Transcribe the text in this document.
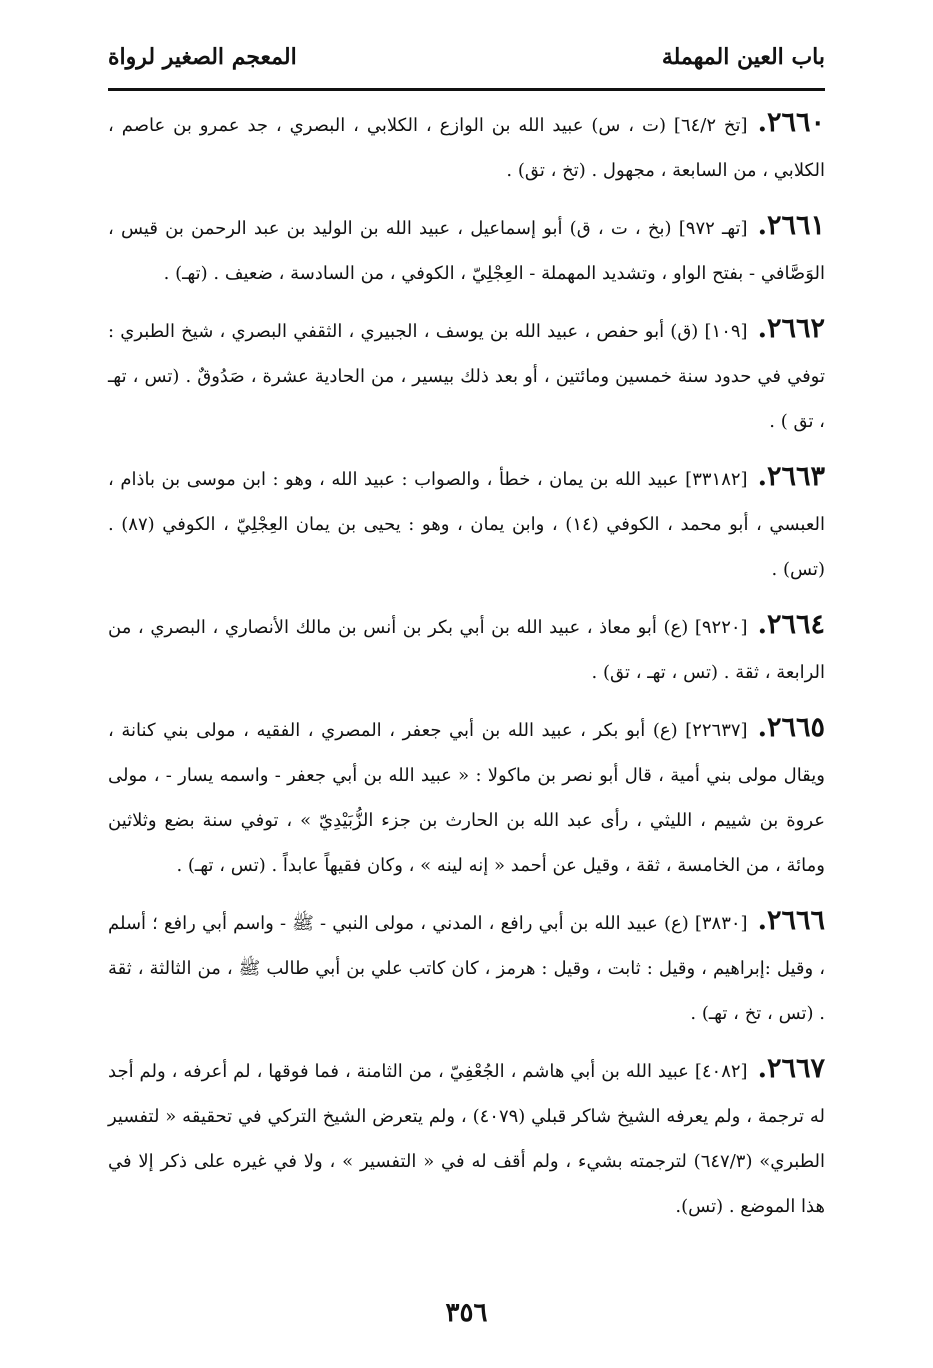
باب العين المهملة
المعجم الصغير لرواة
٢٦٦٠.[تخ ٦٤/٢] (ت ، س) عبيد الله بن الوازع ، الكلابي ، البصري ، جد عمرو بن عاصم ، الكلابي ، من السابعة ، مجهول . (تخ ، تق) .
٢٦٦١.[تهـ ٩٧٢] (بخ ، ت ، ق) أبو إسماعيل ، عبيد الله بن الوليد بن عبد الرحمن بن قيس ، الوَصَّافي - بفتح الواو ، وتشديد المهملة - العِجْلِيّ ، الكوفي ، من السادسة ، ضعيف . (تهـ) .
٢٦٦٢.[١٠٩] (ق) أبو حفص ، عبيد الله بن يوسف ، الجبيري ، الثقفي البصري ، شيخ الطبري : توفي في حدود سنة خمسين ومائتين ، أو بعد ذلك بيسير ، من الحادية عشرة ، صَدُوقٌ . (تس ، تهـ ، تق ) .
٢٦٦٣.[٣٣١٨٢] عبيد الله بن يمان ، خطأ ، والصواب : عبيد الله ، وهو : ابن موسى بن باذام ، العبسي ، أبو محمد ، الكوفي (١٤) ، وابن يمان ، وهو : يحيى بن يمان العِجْلِيّ ، الكوفي (٨٧) . (تس) .
٢٦٦٤.[٩٢٢٠] (ع) أبو معاذ ، عبيد الله بن أبي بكر بن أنس بن مالك الأنصاري ، البصري ، من الرابعة ، ثقة . (تس ، تهـ ، تق) .
٢٦٦٥.[٢٢٦٣٧] (ع) أبو بكر ، عبيد الله بن أبي جعفر ، المصري ، الفقيه ، مولى بني كنانة ، ويقال مولى بني أمية ، قال أبو نصر بن ماكولا : « عبيد الله بن أبي جعفر - واسمه يسار - ، مولى عروة بن شييم ، الليثي ، رأى عبد الله بن الحارث بن جزء الزُّبَيْدِيّ » ، توفي سنة بضع وثلاثين ومائة ، من الخامسة ، ثقة ، وقيل عن أحمد « إنه لينه » ، وكان فقيهاً عابداً . (تس ، تهـ) .
٢٦٦٦.[٣٨٣٠] (ع) عبيد الله بن أبي رافع ، المدني ، مولى النبي - ﷺ - واسم أبي رافع ؛ أسلم ، وقيل :إبراهيم ، وقيل : ثابت ، وقيل : هرمز ، كان كاتب علي بن أبي طالب ﷺ ، من الثالثة ، ثقة . (تس ، تخ ، تهـ) .
٢٦٦٧.[٤٠٨٢] عبيد الله بن أبي هاشم ، الجُعْفِيّ ، من الثامنة ، فما فوقها ، لم أعرفه ، ولم أجد له ترجمة ، ولم يعرفه الشيخ شاكر قبلي (٤٠٧٩) ، ولم يتعرض الشيخ التركي في تحقيقه « لتفسير الطبري» (٦٤٧/٣) لترجمته بشيء ، ولم أقف له في « التفسير » ، ولا في غيره على ذكر إلا في هذا الموضع . (تس).
٣٥٦
